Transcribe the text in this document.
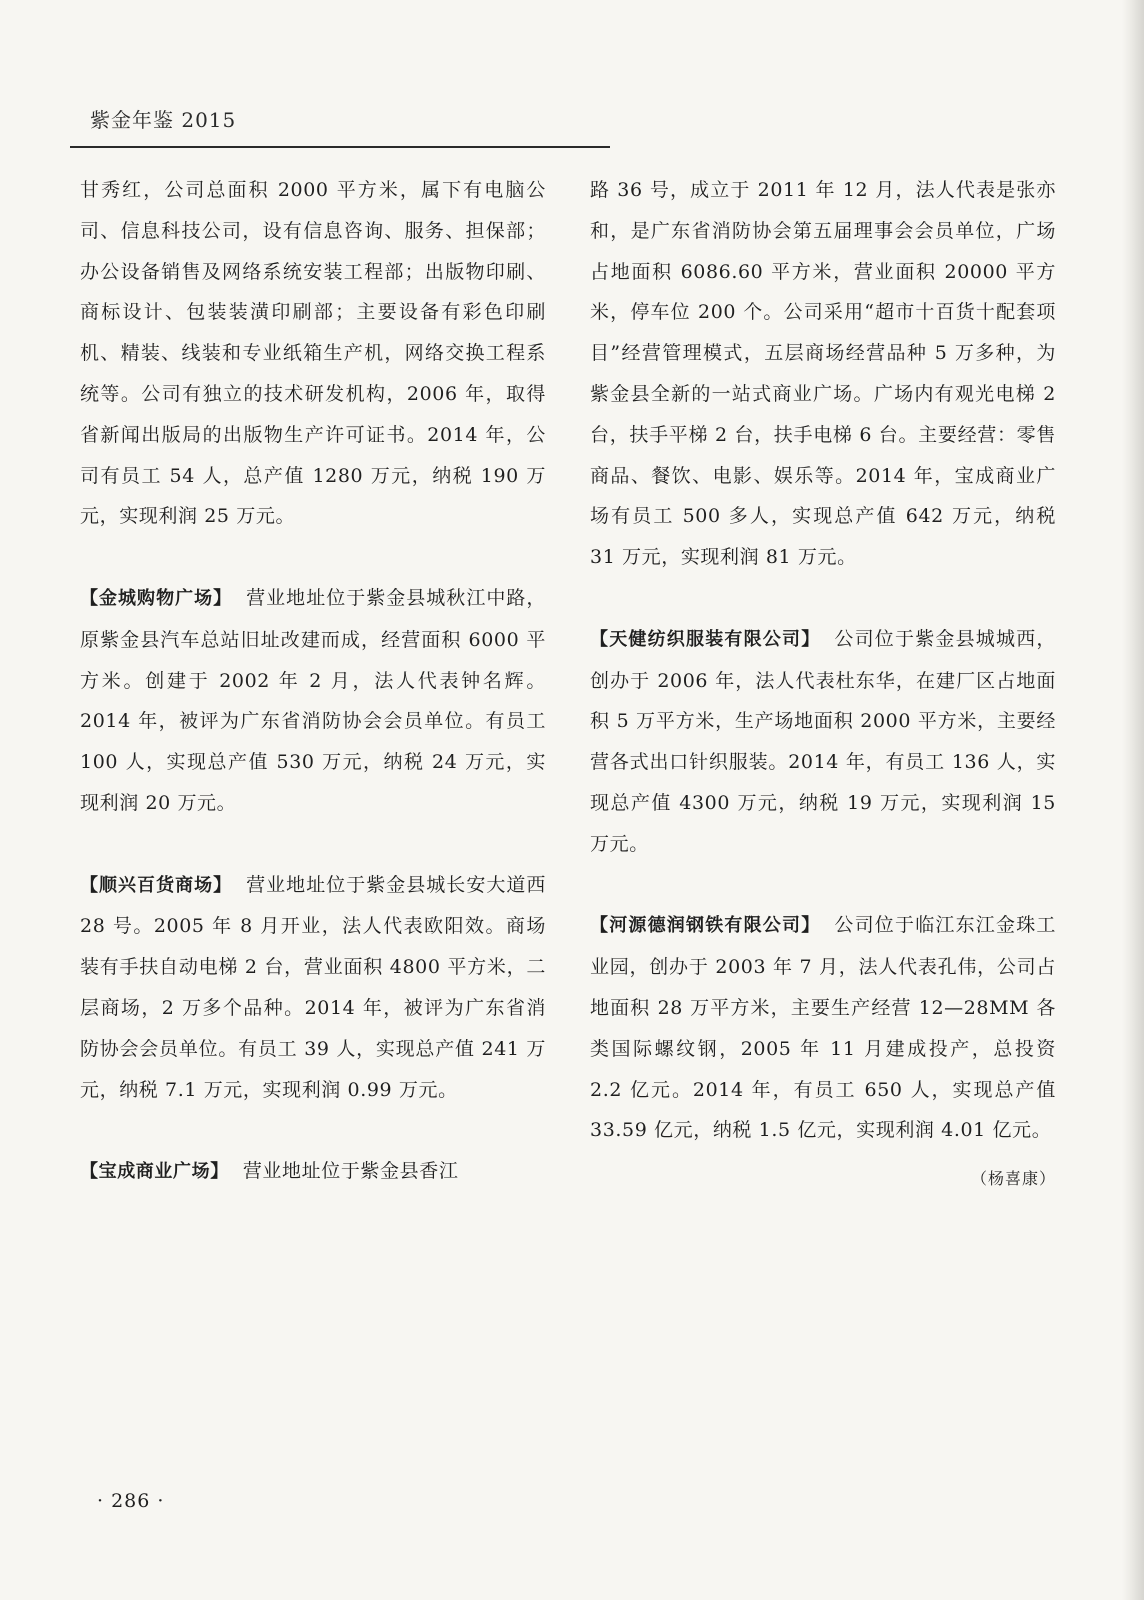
紫金年鉴 2015

甘秀红，公司总面积 2000 平方米，属下有电脑公司、信息科技公司，设有信息咨询、服务、担保部；办公设备销售及网络系统安装工程部；出版物印刷、商标设计、包装装潢印刷部；主要设备有彩色印刷机、精装、线装和专业纸箱生产机，网络交换工程系统等。公司有独立的技术研发机构，2006 年，取得省新闻出版局的出版物生产许可证书。2014 年，公司有员工 54 人，总产值 1280 万元，纳税 190 万元，实现利润 25 万元。

【金城购物广场】 营业地址位于紫金县城秋江中路，原紫金县汽车总站旧址改建而成，经营面积 6000 平方米。创建于 2002 年 2 月，法人代表钟名辉。2014 年，被评为广东省消防协会会员单位。有员工 100 人，实现总产值 530 万元，纳税 24 万元，实现利润 20 万元。

【顺兴百货商场】 营业地址位于紫金县城长安大道西 28 号。2005 年 8 月开业，法人代表欧阳效。商场装有手扶自动电梯 2 台，营业面积 4800 平方米，二层商场，2 万多个品种。2014 年，被评为广东省消防协会会员单位。有员工 39 人，实现总产值 241 万元，纳税 7.1 万元，实现利润 0.99 万元。

【宝成商业广场】 营业地址位于紫金县香江

路 36 号，成立于 2011 年 12 月，法人代表是张亦和，是广东省消防协会第五届理事会会员单位，广场占地面积 6086.60 平方米，营业面积 20000 平方米，停车位 200 个。公司采用“超市十百货十配套项目”经营管理模式，五层商场经营品种 5 万多种，为紫金县全新的一站式商业广场。广场内有观光电梯 2 台，扶手平梯 2 台，扶手电梯 6 台。主要经营：零售商品、餐饮、电影、娱乐等。2014 年，宝成商业广场有员工 500 多人，实现总产值 642 万元，纳税 31 万元，实现利润 81 万元。

【天健纺织服装有限公司】 公司位于紫金县城城西，创办于 2006 年，法人代表杜东华，在建厂区占地面积 5 万平方米，生产场地面积 2000 平方米，主要经营各式出口针织服装。2014 年，有员工 136 人，实现总产值 4300 万元，纳税 19 万元，实现利润 15 万元。

【河源德润钢铁有限公司】 公司位于临江东江金珠工业园，创办于 2003 年 7 月，法人代表孔伟，公司占地面积 28 万平方米，主要生产经营 12—28MM 各类国际螺纹钢，2005 年 11 月建成投产，总投资 2.2 亿元。2014 年，有员工 650 人，实现总产值 33.59 亿元，纳税 1.5 亿元，实现利润 4.01 亿元。

（杨喜康）
· 286 ·
